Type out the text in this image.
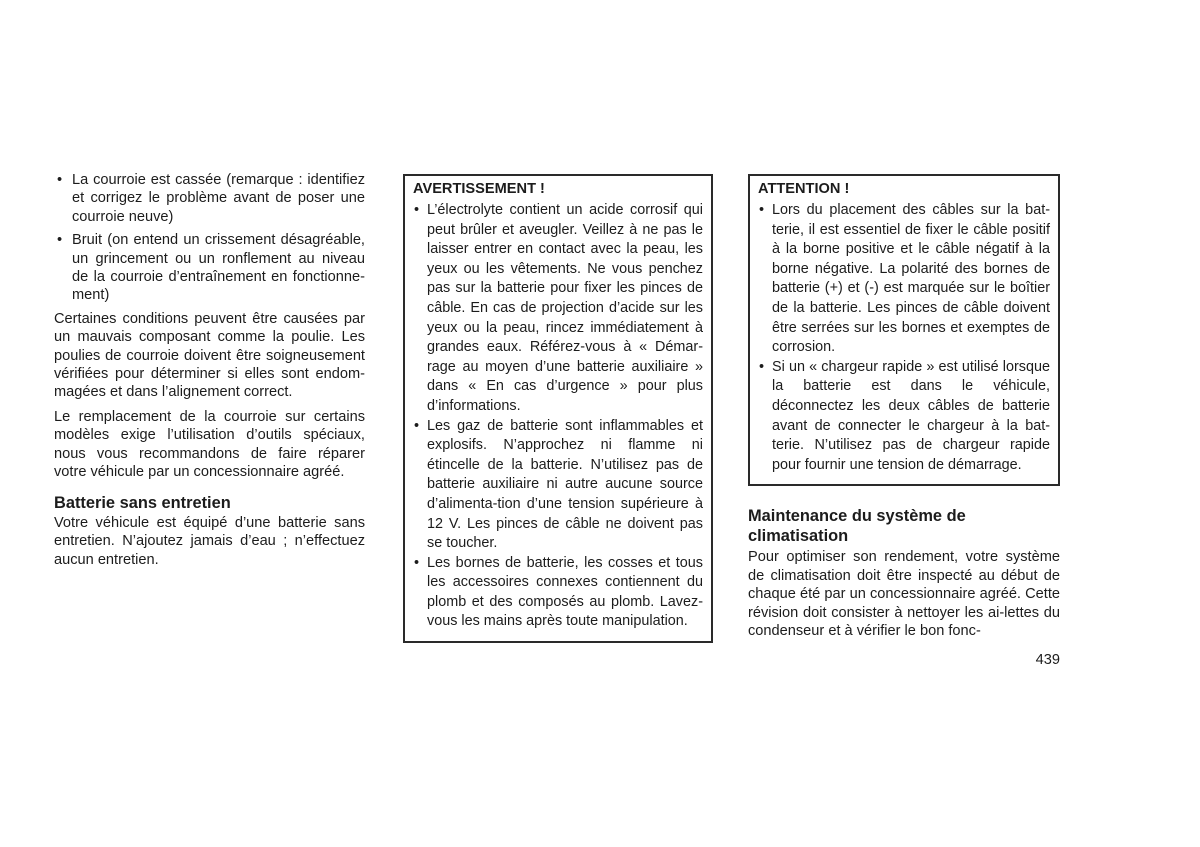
• La courroie est cassée (remarque : identifiez et corrigez le problème avant de poser une courroie neuve)
• Bruit (on entend un crissement désagréable, un grincement ou un ronflement au niveau de la courroie d’entraînement en fonctionne-ment)

Certaines conditions peuvent être causées par un mauvais composant comme la poulie. Les poulies de courroie doivent être soigneusement vérifiées pour déterminer si elles sont endom-magées et dans l’alignement correct.

Le remplacement de la courroie sur certains modèles exige l’utilisation d’outils spéciaux, nous vous recommandons de faire réparer votre véhicule par un concessionnaire agréé.

Batterie sans entretien

Votre véhicule est équipé d’une batterie sans entretien. N’ajoutez jamais d’eau ; n’effectuez aucun entretien.

AVERTISSEMENT !
• L’électrolyte contient un acide corrosif qui peut brûler et aveugler. Veillez à ne pas le laisser entrer en contact avec la peau, les yeux ou les vêtements. Ne vous penchez pas sur la batterie pour fixer les pinces de câble. En cas de projection d’acide sur les yeux ou la peau, rincez immédiatement à grandes eaux. Référez-vous à « Démar-rage au moyen d’une batterie auxiliaire » dans « En cas d’urgence » pour plus d’informations.
• Les gaz de batterie sont inflammables et explosifs. N’approchez ni flamme ni étincelle de la batterie. N’utilisez pas de batterie auxiliaire ni autre aucune source d’alimenta-tion d’une tension supérieure à 12 V. Les pinces de câble ne doivent pas se toucher.
• Les bornes de batterie, les cosses et tous les accessoires connexes contiennent du plomb et des composés au plomb. Lavez-vous les mains après toute manipulation.
ATTENTION !
• Lors du placement des câbles sur la bat-terie, il est essentiel de fixer le câble positif à la borne positive et le câble négatif à la borne négative. La polarité des bornes de batterie (+) et (-) est marquée sur le boîtier de la batterie. Les pinces de câble doivent être serrées sur les bornes et exemptes de corrosion.
• Si un « chargeur rapide » est utilisé lorsque la batterie est dans le véhicule, déconnectez les deux câbles de batterie avant de connecter le chargeur à la bat-terie. N’utilisez pas de chargeur rapide pour fournir une tension de démarrage.
Maintenance du système de climatisation

Pour optimiser son rendement, votre système de climatisation doit être inspecté au début de chaque été par un concessionnaire agréé. Cette révision doit consister à nettoyer les ai-lettes du condenseur et à vérifier le bon fonc-

439
